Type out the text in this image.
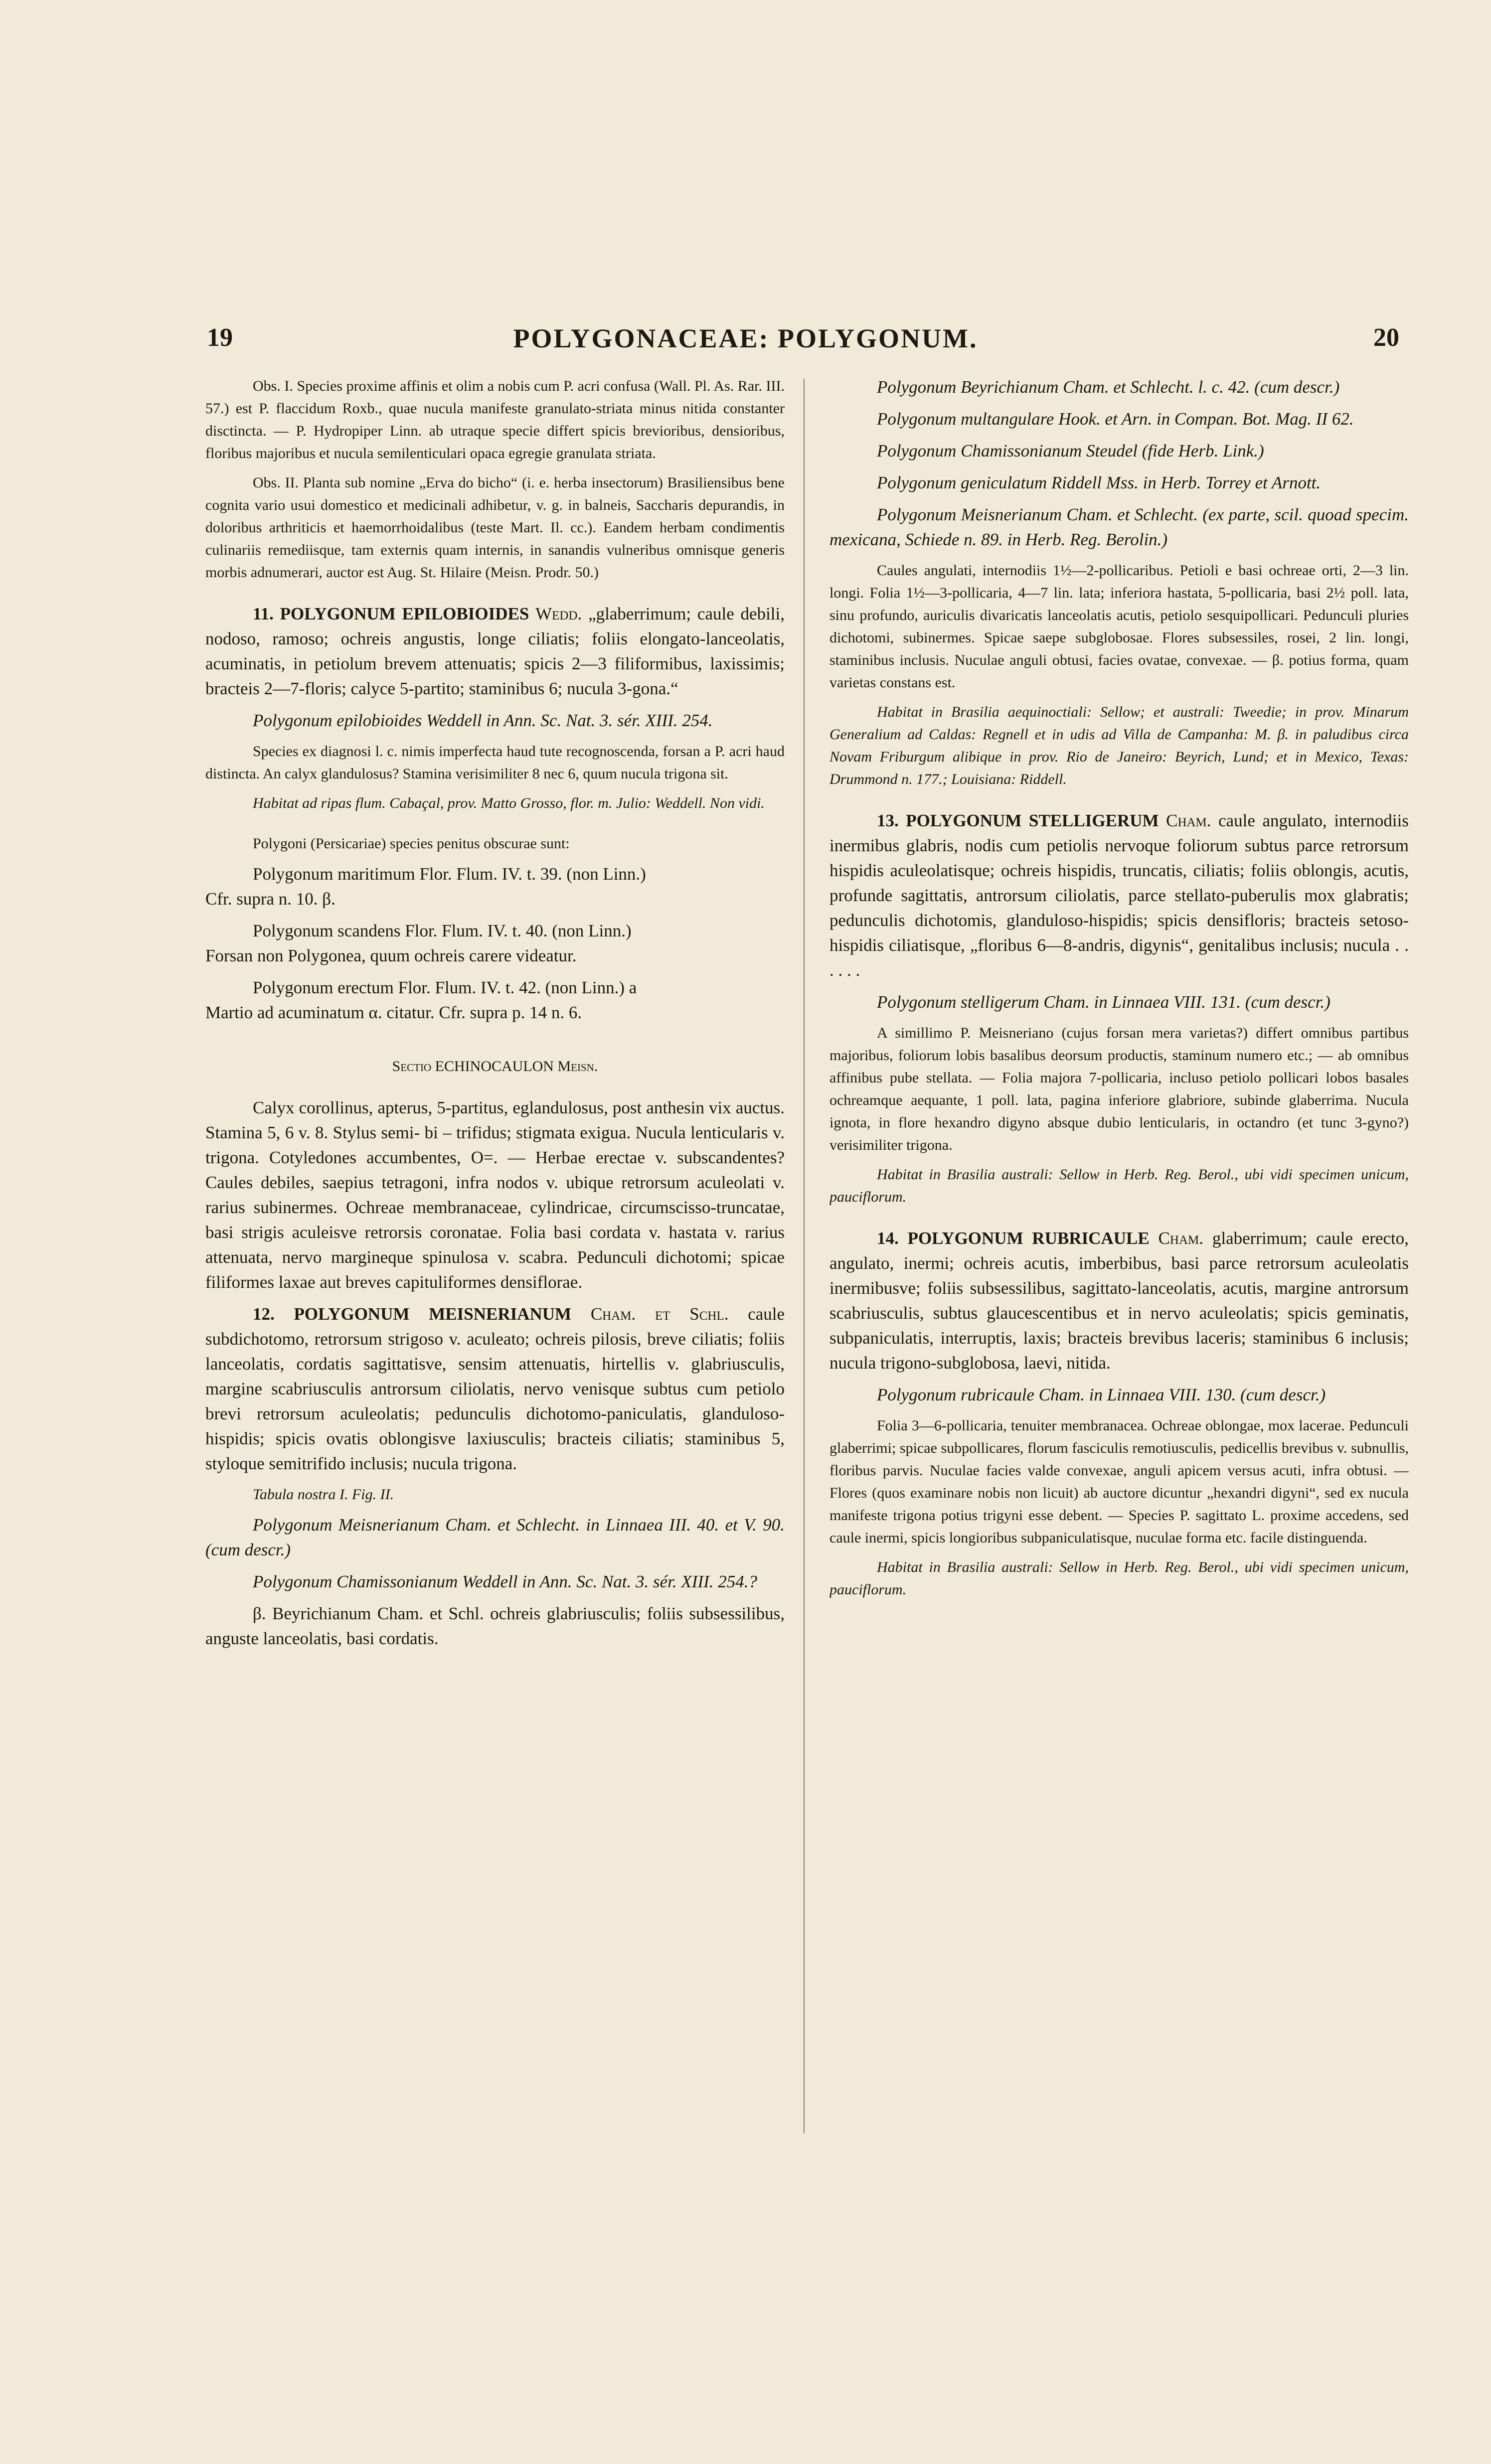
19	POLYGONACEAE: POLYGONUM.	20

Obs. I. Species proxime affinis et olim a nobis cum P. acri confusa (Wall. Pl. As. Rar. III. 57.) est P. flaccidum Roxb., quae nucula manifeste granulato-striata minus nitida constanter disctincta. — P. Hydropiper Linn. ab utraque specie differt spicis brevioribus, densioribus, floribus majoribus et nucula semilenticulari opaca egregie granulata striata.

Obs. II. Planta sub nomine „Erva do bicho“ (i. e. herba insectorum) Brasiliensibus bene cognita vario usui domestico et medicinali adhibetur, v. g. in balneis, Saccharis depurandis, in doloribus arthriticis et haemorrhoidalibus (teste Mart. Il. cc.). Eandem herbam condimentis culinariis remediisque, tam externis quam internis, in sanandis vulneribus omnisque generis morbis adnumerari, auctor est Aug. St. Hilaire (Meisn. Prodr. 50.)

11. POLYGONUM EPILOBIOIDES Wedd. „glaberrimum; caule debili, nodoso, ramoso; ochreis angustis, longe ciliatis; foliis elongato-lanceolatis, acuminatis, in petiolum brevem attenuatis; spicis 2—3 filiformibus, laxissimis; bracteis 2—7-floris; calyce 5-partito; staminibus 6; nucula 3-gona.“

Polygonum epilobioides Weddell in Ann. Sc. Nat. 3. sér. XIII. 254.

Species ex diagnosi l. c. nimis imperfecta haud tute recognoscenda, forsan a P. acri haud distincta. An calyx glandulosus? Stamina verisimiliter 8 nec 6, quum nucula trigona sit.

Habitat ad ripas flum. Cabaçal, prov. Matto Grosso, flor. m. Julio: Weddell. Non vidi.

Polygoni (Persicariae) species penitus obscurae sunt:

Polygonum maritimum Flor. Flum. IV. t. 39. (non Linn.)

Cfr. supra n. 10. β.

Polygonum scandens Flor. Flum. IV. t. 40. (non Linn.)

Forsan non Polygonea, quum ochreis carere videatur.

Polygonum erectum Flor. Flum. IV. t. 42. (non Linn.) a

Martio ad acuminatum α. citatur. Cfr. supra p. 14 n. 6.

Sectio ECHINOCAULON Meisn.

Calyx corollinus, apterus, 5-partitus, eglandulosus, post anthesin vix auctus. Stamina 5, 6 v. 8. Stylus semi- bi – trifidus; stigmata exigua. Nucula lenticularis v. trigona. Cotyledones accumbentes, O=. — Herbae erectae v. subscandentes? Caules debiles, saepius tetragoni, infra nodos v. ubique retrorsum aculeolati v. rarius subinermes. Ochreae membranaceae, cylindricae, circumscisso-truncatae, basi strigis aculeisve retrorsis coronatae. Folia basi cordata v. hastata v. rarius attenuata, nervo margineque spinulosa v. scabra. Pedunculi dichotomi; spicae filiformes laxae aut breves capituliformes densiflorae.

12. POLYGONUM MEISNERIANUM Cham. et Schl. caule subdichotomo, retrorsum strigoso v. aculeato; ochreis pilosis, breve ciliatis; foliis lanceolatis, cordatis sagittatisve, sensim attenuatis, hirtellis v. glabriusculis, margine scabriusculis antrorsum ciliolatis, nervo venisque subtus cum petiolo brevi retrorsum aculeolatis; pedunculis dichotomo-paniculatis, glanduloso-hispidis; spicis ovatis oblongisve laxiusculis; bracteis ciliatis; staminibus 5, styloque semitrifido inclusis; nucula trigona.

Tabula nostra I. Fig. II.

Polygonum Meisnerianum Cham. et Schlecht. in Linnaea III. 40. et V. 90. (cum descr.)

Polygonum Chamissonianum Weddell in Ann. Sc. Nat. 3. sér. XIII. 254.?

β. Beyrichianum Cham. et Schl. ochreis glabriusculis; foliis subsessilibus, anguste lanceolatis, basi cordatis.

Polygonum Beyrichianum Cham. et Schlecht. l. c. 42. (cum descr.)

Polygonum multangulare Hook. et Arn. in Compan. Bot. Mag. II 62.

Polygonum Chamissonianum Steudel (fide Herb. Link.)

Polygonum geniculatum Riddell Mss. in Herb. Torrey et Arnott.

Polygonum Meisnerianum Cham. et Schlecht. (ex parte, scil. quoad specim. mexicana, Schiede n. 89. in Herb. Reg. Berolin.)

Caules angulati, internodiis 1½—2-pollicaribus. Petioli e basi ochreae orti, 2—3 lin. longi. Folia 1½—3-pollicaria, 4—7 lin. lata; inferiora hastata, 5-pollicaria, basi 2½ poll. lata, sinu profundo, auriculis divaricatis lanceolatis acutis, petiolo sesquipollicari. Pedunculi pluries dichotomi, subinermes. Spicae saepe subglobosae. Flores subsessiles, rosei, 2 lin. longi, staminibus inclusis. Nuculae anguli obtusi, facies ovatae, convexae. — β. potius forma, quam varietas constans est.

Habitat in Brasilia aequinoctiali: Sellow; et australi: Tweedie; in prov. Minarum Generalium ad Caldas: Regnell et in udis ad Villa de Campanha: M. β. in paludibus circa Novam Friburgum alibique in prov. Rio de Janeiro: Beyrich, Lund; et in Mexico, Texas: Drummond n. 177.; Louisiana: Riddell.

13. POLYGONUM STELLIGERUM Cham. caule angulato, internodiis inermibus glabris, nodis cum petiolis nervoque foliorum subtus parce retrorsum hispidis aculeolatisque; ochreis hispidis, truncatis, ciliatis; foliis oblongis, acutis, profunde sagittatis, antrorsum ciliolatis, parce stellato-puberulis mox glabratis; pedunculis dichotomis, glanduloso-hispidis; spicis densifloris; bracteis setoso-hispidis ciliatisque, „floribus 6—8-andris, digynis“, genitalibus inclusis; nucula . . . . . .

Polygonum stelligerum Cham. in Linnaea VIII. 131. (cum descr.)

A simillimo P. Meisneriano (cujus forsan mera varietas?) differt omnibus partibus majoribus, foliorum lobis basalibus deorsum productis, staminum numero etc.; — ab omnibus affinibus pube stellata. — Folia majora 7-pollicaria, incluso petiolo pollicari lobos basales ochreamque aequante, 1 poll. lata, pagina inferiore glabriore, subinde glaberrima. Nucula ignota, in flore hexandro digyno absque dubio lenticularis, in octandro (et tunc 3-gyno?) verisimiliter trigona.

Habitat in Brasilia australi: Sellow in Herb. Reg. Berol., ubi vidi specimen unicum, pauciflorum.

14. POLYGONUM RUBRICAULE Cham. glaberrimum; caule erecto, angulato, inermi; ochreis acutis, imberbibus, basi parce retrorsum aculeolatis inermibusve; foliis subsessilibus, sagittato-lanceolatis, acutis, margine antrorsum scabriusculis, subtus glaucescentibus et in nervo aculeolatis; spicis geminatis, subpaniculatis, interruptis, laxis; bracteis brevibus laceris; staminibus 6 inclusis; nucula trigono-subglobosa, laevi, nitida.

Polygonum rubricaule Cham. in Linnaea VIII. 130. (cum descr.)

Folia 3—6-pollicaria, tenuiter membranacea. Ochreae oblongae, mox lacerae. Pedunculi glaberrimi; spicae subpollicares, florum fasciculis remotiusculis, pedicellis brevibus v. subnullis, floribus parvis. Nuculae facies valde convexae, anguli apicem versus acuti, infra obtusi. — Flores (quos examinare nobis non licuit) ab auctore dicuntur „hexandri digyni“, sed ex nucula manifeste trigona potius trigyni esse debent. — Species P. sagittato L. proxime accedens, sed caule inermi, spicis longioribus subpaniculatisque, nuculae forma etc. facile distinguenda.

Habitat in Brasilia australi: Sellow in Herb. Reg. Berol., ubi vidi specimen unicum, pauciflorum.
